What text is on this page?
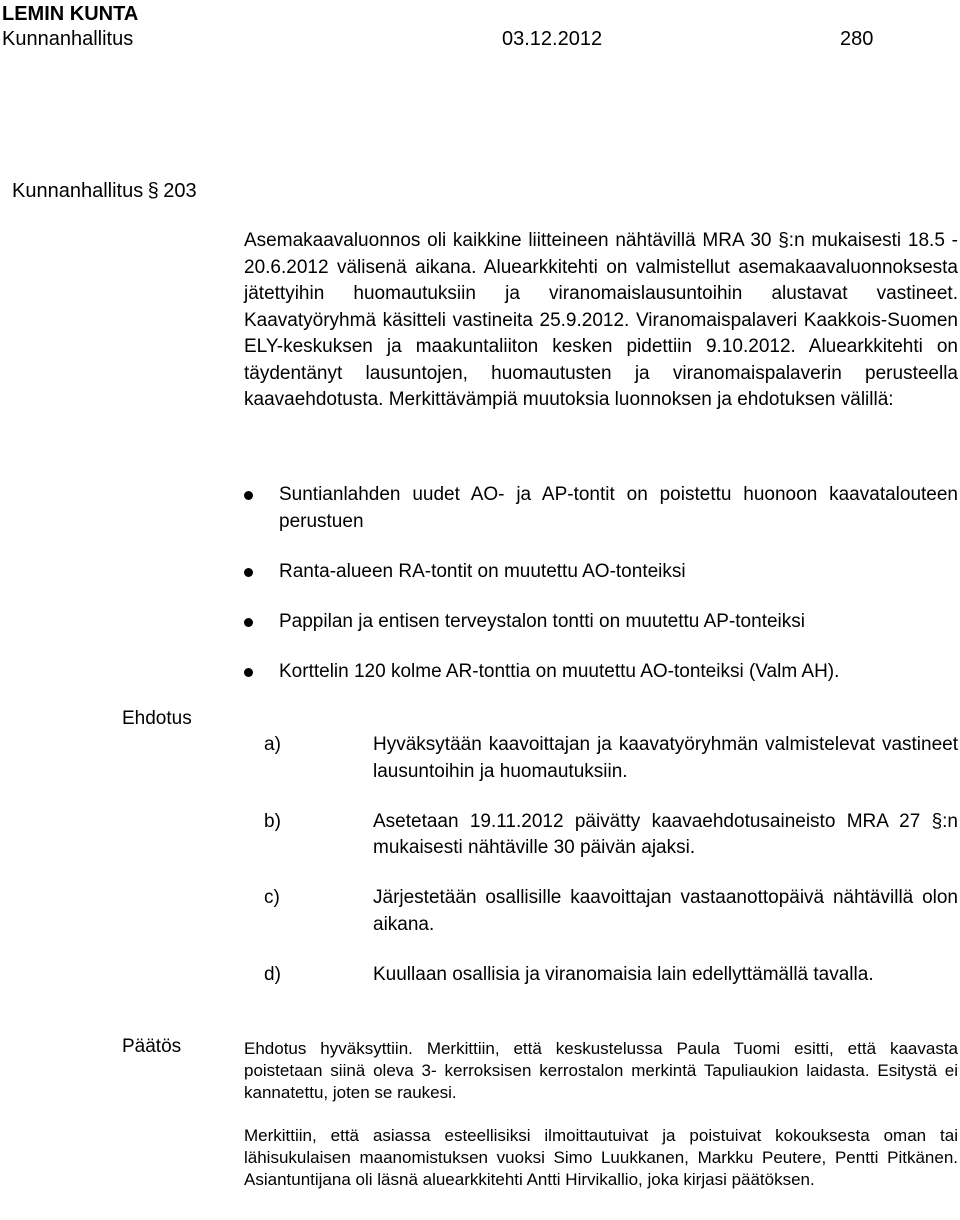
LEMIN KUNTA
Kunnanhallitus	03.12.2012	280
Kunnanhallitus § 203

Asemakaavaluonnos oli kaikkine liitteineen nähtävillä MRA 30 §:n mukaisesti 18.5 - 20.6.2012 välisenä aikana. Aluearkkitehti on valmistellut asemakaavaluonnoksesta jätettyihin huomautuksiin ja viranomaislausuntoihin alustavat vastineet. Kaavatyöryhmä käsitteli vastineita 25.9.2012. Viranomaispalaveri Kaakkois-Suomen ELY-keskuksen ja maakuntaliiton kesken pidettiin 9.10.2012. Aluearkkitehti on täydentänyt lausuntojen, huomautusten ja viranomaispalaverin perusteella kaavaehdotusta. Merkittävämpiä muutoksia luonnoksen ja ehdotuksen välillä:

Suntianlahden uudet AO- ja AP-tontit on poistettu huonoon kaavatalouteen perustuen
Ranta-alueen RA-tontit on muutettu AO-tonteiksi
Pappilan ja entisen terveystalon tontti on muutettu AP-tonteiksi
Korttelin 120 kolme AR-tonttia on muutettu AO-tonteiksi (Valm AH).
Ehdotus
a)	Hyväksytään kaavoittajan ja kaavatyöryhmän valmistelevat vastineet lausuntoihin ja huomautuksiin.
b)	Asetetaan 19.11.2012 päivätty kaavaehdotusaineisto MRA 27 §:n mukaisesti nähtäville 30 päivän ajaksi.
c)	Järjestetään osallisille kaavoittajan vastaanottopäivä nähtävillä olon aikana.
d)	Kuullaan osallisia ja viranomaisia lain edellyttämällä tavalla.
Päätös	Ehdotus hyväksyttiin. Merkittiin, että keskustelussa Paula Tuomi esitti, että kaavasta poistetaan siinä oleva 3- kerroksisen kerrostalon merkintä Tapuliaukion laidasta. Esitystä ei kannatettu, joten se raukesi.

Merkittiin, että asiassa esteellisiksi ilmoittautuivat ja poistuivat kokouksesta oman tai lähisukulaisen maanomistuksen vuoksi Simo Luukkanen, Markku Peutere, Pentti Pitkänen. Asiantuntijana oli läsnä aluearkkitehti Antti Hirvikallio, joka kirjasi päätöksen.
